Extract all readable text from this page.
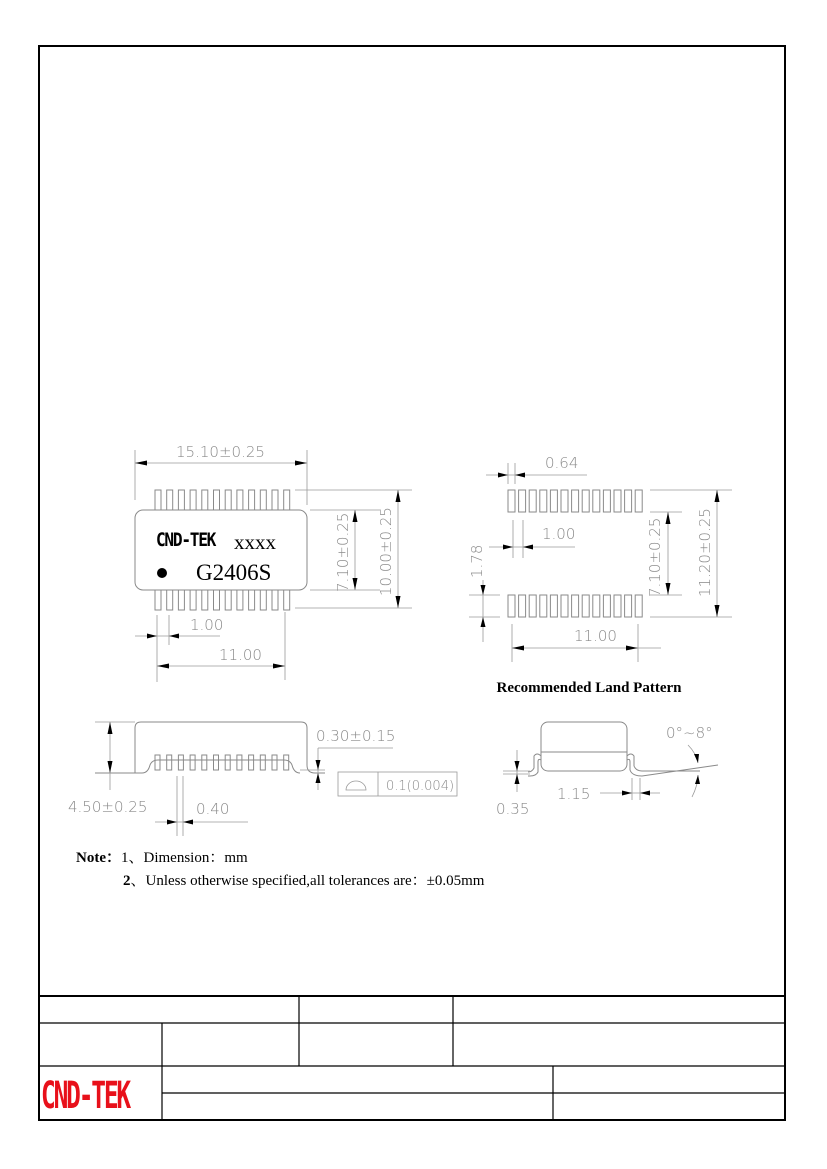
CND-TEK xxxx
G2406S
15.10±0.25
7.10±0.25 10.00±0.25
1.00
11.00
0.64
1.00
1.78	7.10±0.25 11.20±0.25
11.00
Recommended Land Pattern
4.50±0.25
0.30±0.15
0.1(0.004)
0.40	0.35
1.15
0°~8°
Note：1、Dimension：mm
2、Unless otherwise specified,all tolerances are：±0.05mm
CND-TEK
